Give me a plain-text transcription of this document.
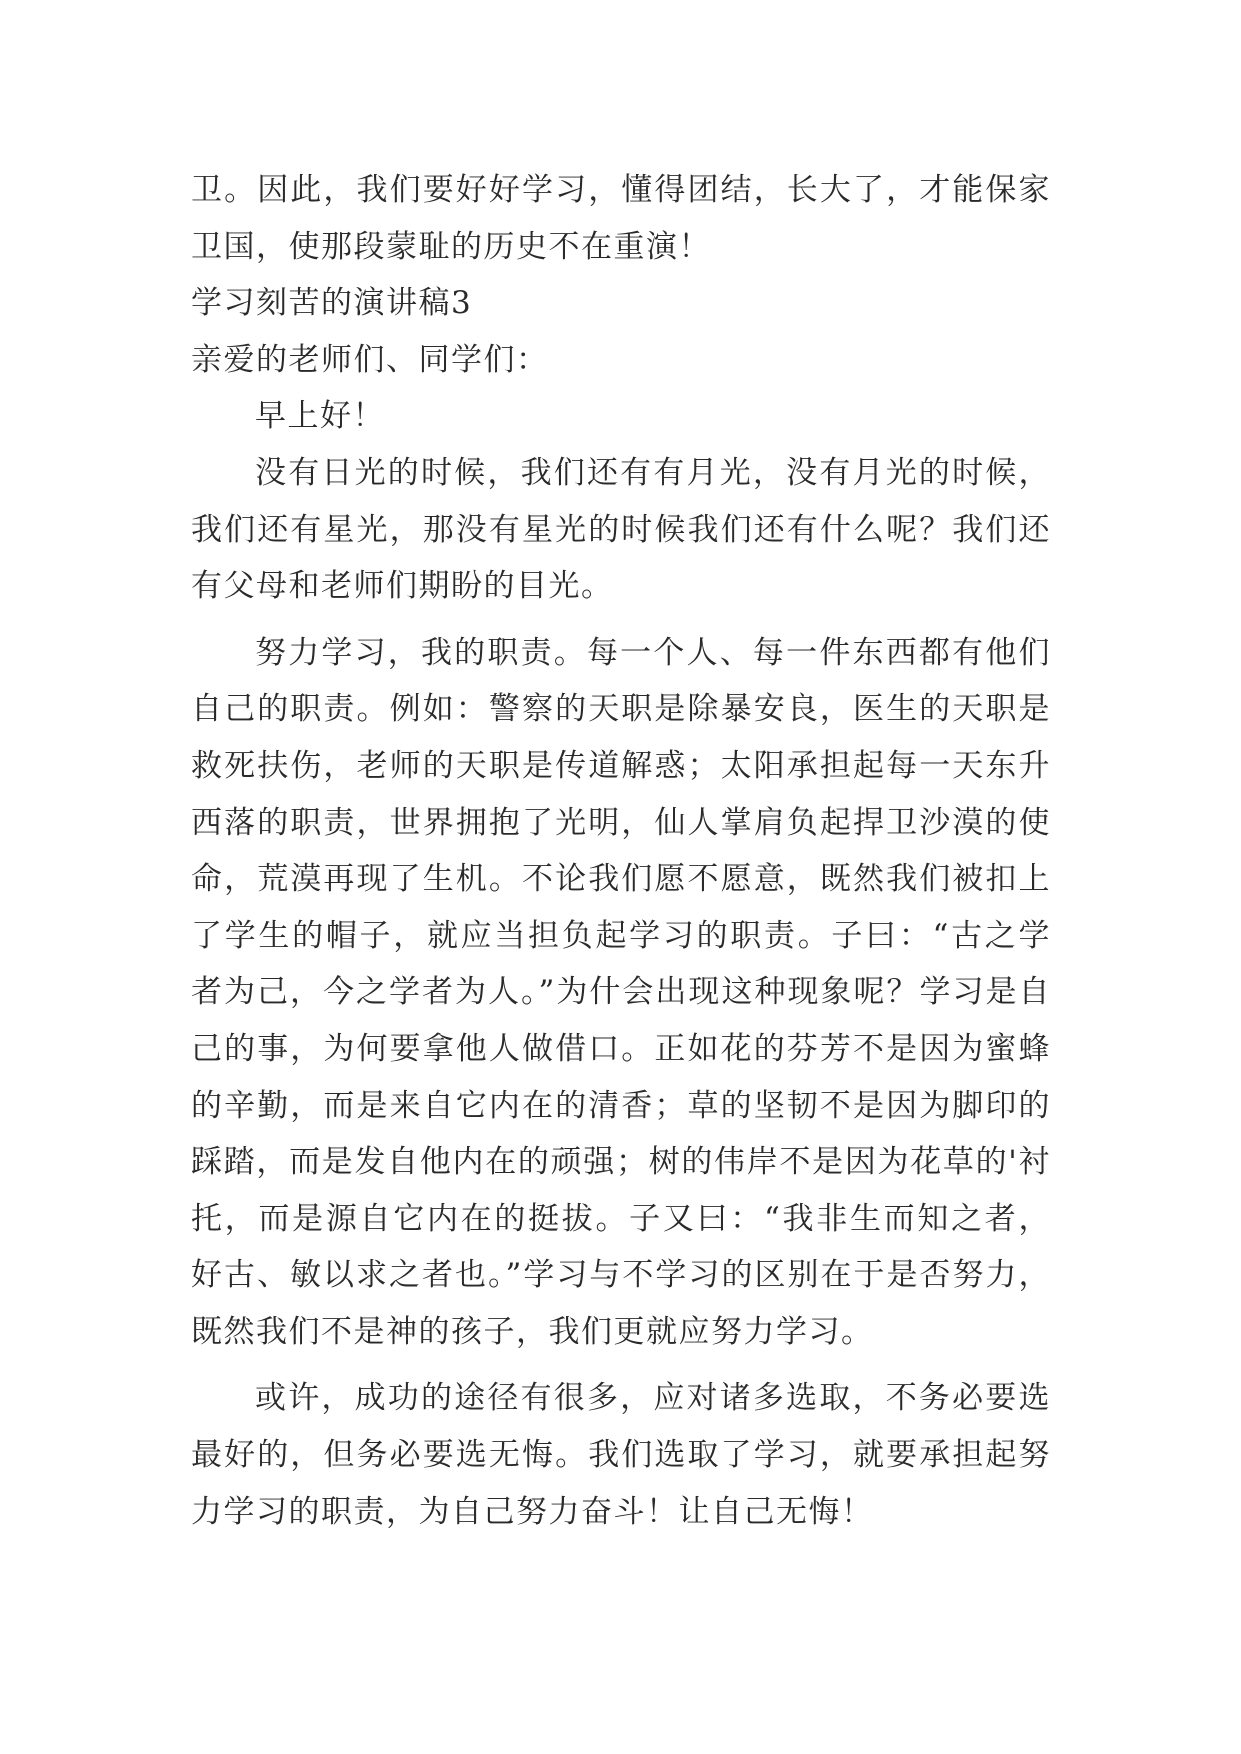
卫。因此，我们要好好学习，懂得团结，长大了，才能保家卫国，使那段蒙耻的历史不在重演！

学习刻苦的演讲稿3

亲爱的老师们、同学们：

早上好！

没有日光的时候，我们还有有月光，没有月光的时候，我们还有星光，那没有星光的时候我们还有什么呢？我们还有父母和老师们期盼的目光。

努力学习，我的职责。每一个人、每一件东西都有他们自己的职责。例如：警察的天职是除暴安良，医生的天职是救死扶伤，老师的天职是传道解惑；太阳承担起每一天东升西落的职责，世界拥抱了光明，仙人掌肩负起捍卫沙漠的使命，荒漠再现了生机。不论我们愿不愿意，既然我们被扣上了学生的帽子，就应当担负起学习的职责。子曰：“古之学者为己，今之学者为人。”为什会出现这种现象呢？学习是自己的事，为何要拿他人做借口。正如花的芬芳不是因为蜜蜂的辛勤，而是来自它内在的清香；草的坚韧不是因为脚印的踩踏，而是发自他内在的顽强；树的伟岸不是因为花草的'衬托，而是源自它内在的挺拔。子又曰：“我非生而知之者，好古、敏以求之者也。”学习与不学习的区别在于是否努力，既然我们不是神的孩子，我们更就应努力学习。

或许，成功的途径有很多，应对诸多选取，不务必要选最好的，但务必要选无悔。我们选取了学习，就要承担起努力学习的职责，为自己努力奋斗！让自己无悔！
